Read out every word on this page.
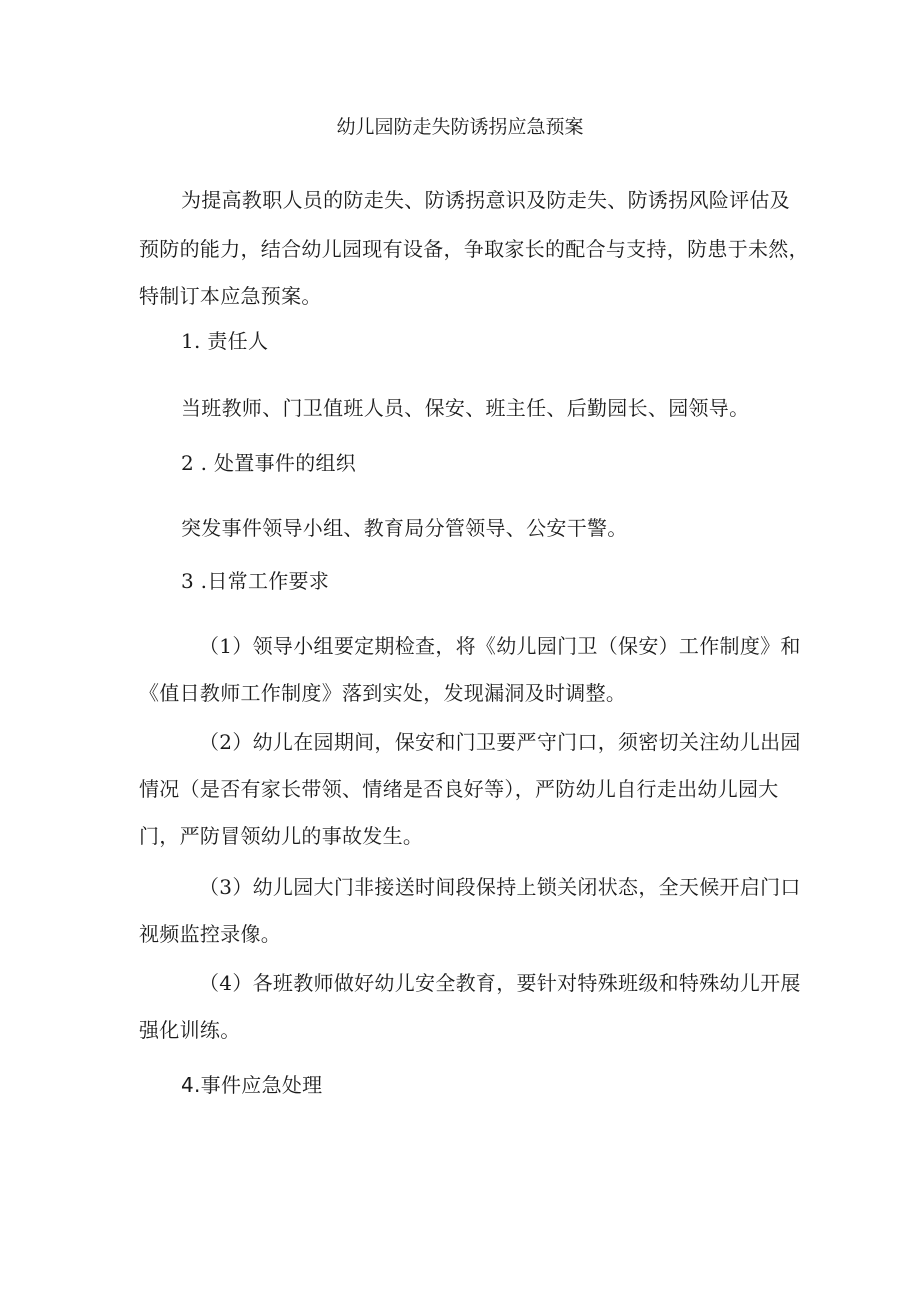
幼儿园防走失防诱拐应急预案
为提高教职人员的防走失、防诱拐意识及防走失、防诱拐风险评估及
预防的能力，结合幼儿园现有设备，争取家长的配合与支持，防患于未然，
特制订本应急预案。
1. 责任人
当班教师、门卫值班人员、保安、班主任、后勤园长、园领导。
2 . 处置事件的组织
突发事件领导小组、教育局分管领导、公安干警。
3 .日常工作要求
（1）领导小组要定期检查，将《幼儿园门卫（保安）工作制度》和
《值日教师工作制度》落到实处，发现漏洞及时调整。
（2）幼儿在园期间，保安和门卫要严守门口，须密切关注幼儿出园
情况（是否有家长带领、情绪是否良好等），严防幼儿自行走出幼儿园大
门，严防冒领幼儿的事故发生。
（3）幼儿园大门非接送时间段保持上锁关闭状态，全天候开启门口
视频监控录像。
（4）各班教师做好幼儿安全教育，要针对特殊班级和特殊幼儿开展
强化训练。
4.事件应急处理
